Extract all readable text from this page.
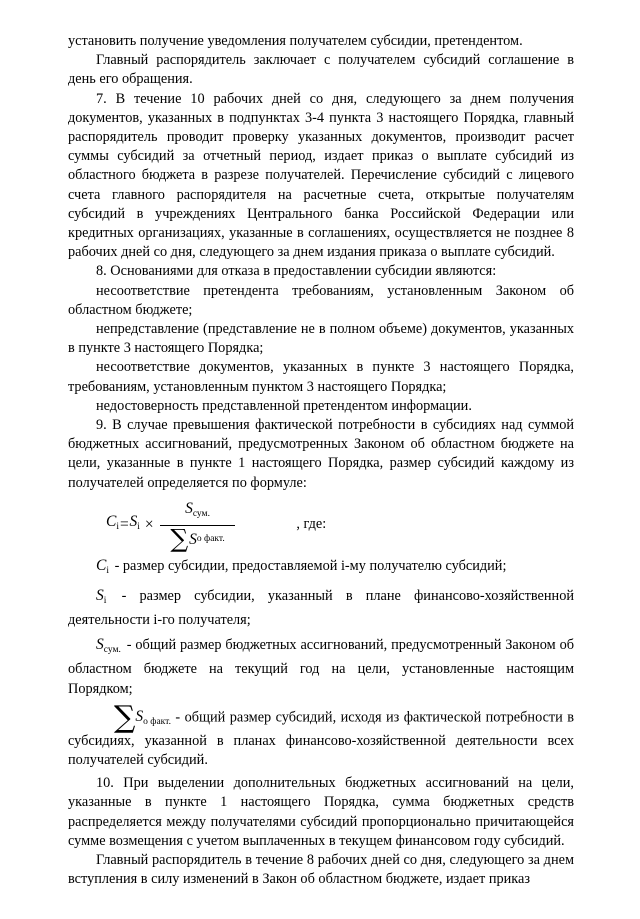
установить получение уведомления получателем субсидии, претендентом.

Главный распорядитель заключает с получателем субсидий соглашение в день его обращения.

7. В течение 10 рабочих дней со дня, следующего за днем получения документов, указанных в подпунктах 3-4 пункта 3 настоящего Порядка, главный распорядитель проводит проверку указанных документов, производит расчет суммы субсидий за отчетный период, издает приказ о выплате субсидий из областного бюджета в разрезе получателей. Перечисление субсидий с лицевого счета главного распорядителя на расчетные счета, открытые получателям субсидий в учреждениях Центрального банка Российской Федерации или кредитных организациях, указанные в соглашениях, осуществляется не позднее 8 рабочих дней со дня, следующего за днем издания приказа о выплате субсидий.

8. Основаниями для отказа в предоставлении субсидии являются:

несоответствие претендента требованиям, установленным Законом об областном бюджете;

непредставление (представление не в полном объеме) документов, указанных в пункте 3 настоящего Порядка;

несоответствие документов, указанных в пункте 3 настоящего Порядка, требованиям, установленным пунктом 3 настоящего Порядка;

недостоверность представленной претендентом информации.

9. В случае превышения фактической потребности в субсидиях над суммой бюджетных ассигнований, предусмотренных Законом об областном бюджете на цели, указанные в пункте 1 настоящего Порядка, размер субсидий каждому из получателей определяется по формуле:

$C_i = S_i \times \frac{S_{сум.}}{\text{∑ S о факт.}}$	, где:

$C_i$ - размер субсидии, предоставляемой i-му получателю субсидий;

$S_i$ - размер субсидии, указанный в плане финансово-хозяйственной деятельности i-го получателя;

$S_{сум.}$ - общий размер бюджетных ассигнований, предусмотренный Законом об областном бюджете на текущий год на цели, установленные настоящим Порядком;

$\sum S_{о факт.}$ - общий размер субсидий, исходя из фактической потребности в субсидиях, указанной в планах финансово-хозяйственной деятельности всех получателей субсидий.

10. При выделении дополнительных бюджетных ассигнований на цели, указанные в пункте 1 настоящего Порядка, сумма бюджетных средств распределяется между получателями субсидий пропорционально причитающейся сумме возмещения с учетом выплаченных в текущем финансовом году субсидий.

Главный распорядитель в течение 8 рабочих дней со дня, следующего за днем вступления в силу изменений в Закон об областном бюджете, издает приказ
